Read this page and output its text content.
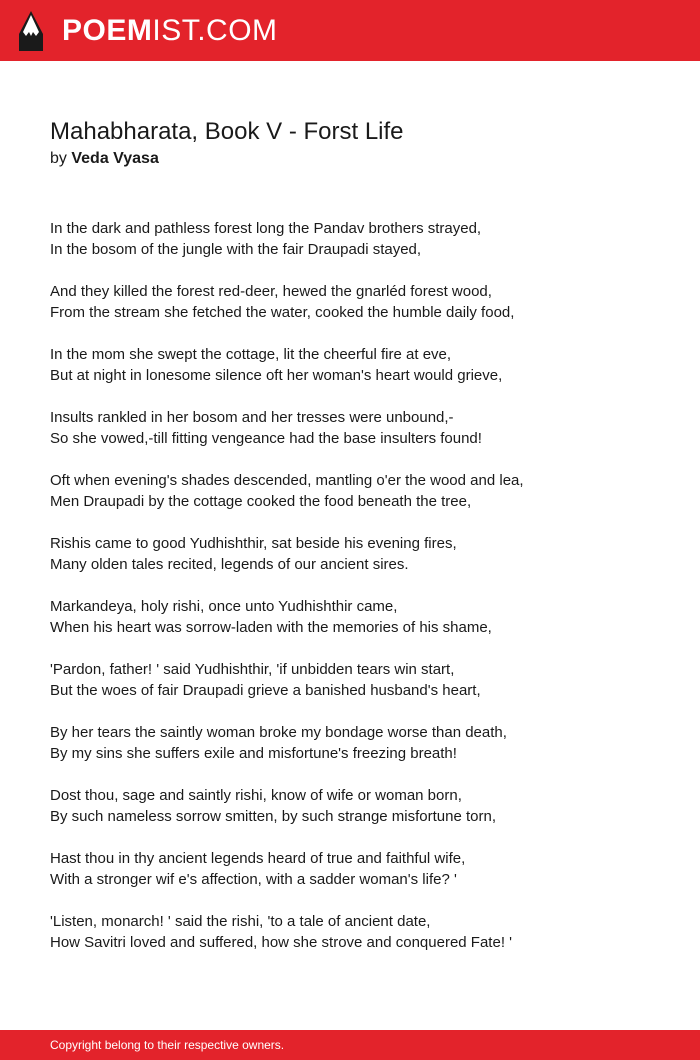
POEMIST.COM
Mahabharata, Book V - Forst Life
by Veda Vyasa
In the dark and pathless forest long the Pandav brothers strayed,
In the bosom of the jungle with the fair Draupadi stayed,
And they killed the forest red-deer, hewed the gnarléd forest wood,
From the stream she fetched the water, cooked the humble daily food,
In the mom she swept the cottage, lit the cheerful fire at eve,
But at night in lonesome silence oft her woman's heart would grieve,
Insults rankled in her bosom and her tresses were unbound,-
So she vowed,-till fitting vengeance had the base insulters found!
Oft when evening's shades descended, mantling o'er the wood and lea,
Men Draupadi by the cottage cooked the food beneath the tree,
Rishis came to good Yudhishthir, sat beside his evening fires,
Many olden tales recited, legends of our ancient sires.
Markandeya, holy rishi, once unto Yudhishthir came,
When his heart was sorrow-laden with the memories of his shame,
'Pardon, father! ' said Yudhishthir, 'if unbidden tears win start,
But the woes of fair Draupadi grieve a banished husband's heart,
By her tears the saintly woman broke my bondage worse than death,
By my sins she suffers exile and misfortune's freezing breath!
Dost thou, sage and saintly rishi, know of wife or woman born,
By such nameless sorrow smitten, by such strange misfortune torn,
Hast thou in thy ancient legends heard of true and faithful wife,
With a stronger wif e's affection, with a sadder woman's life? '
'Listen, monarch! ' said the rishi, 'to a tale of ancient date,
How Savitri loved and suffered, how she strove and conquered Fate! '
Copyright belong to their respective owners.
